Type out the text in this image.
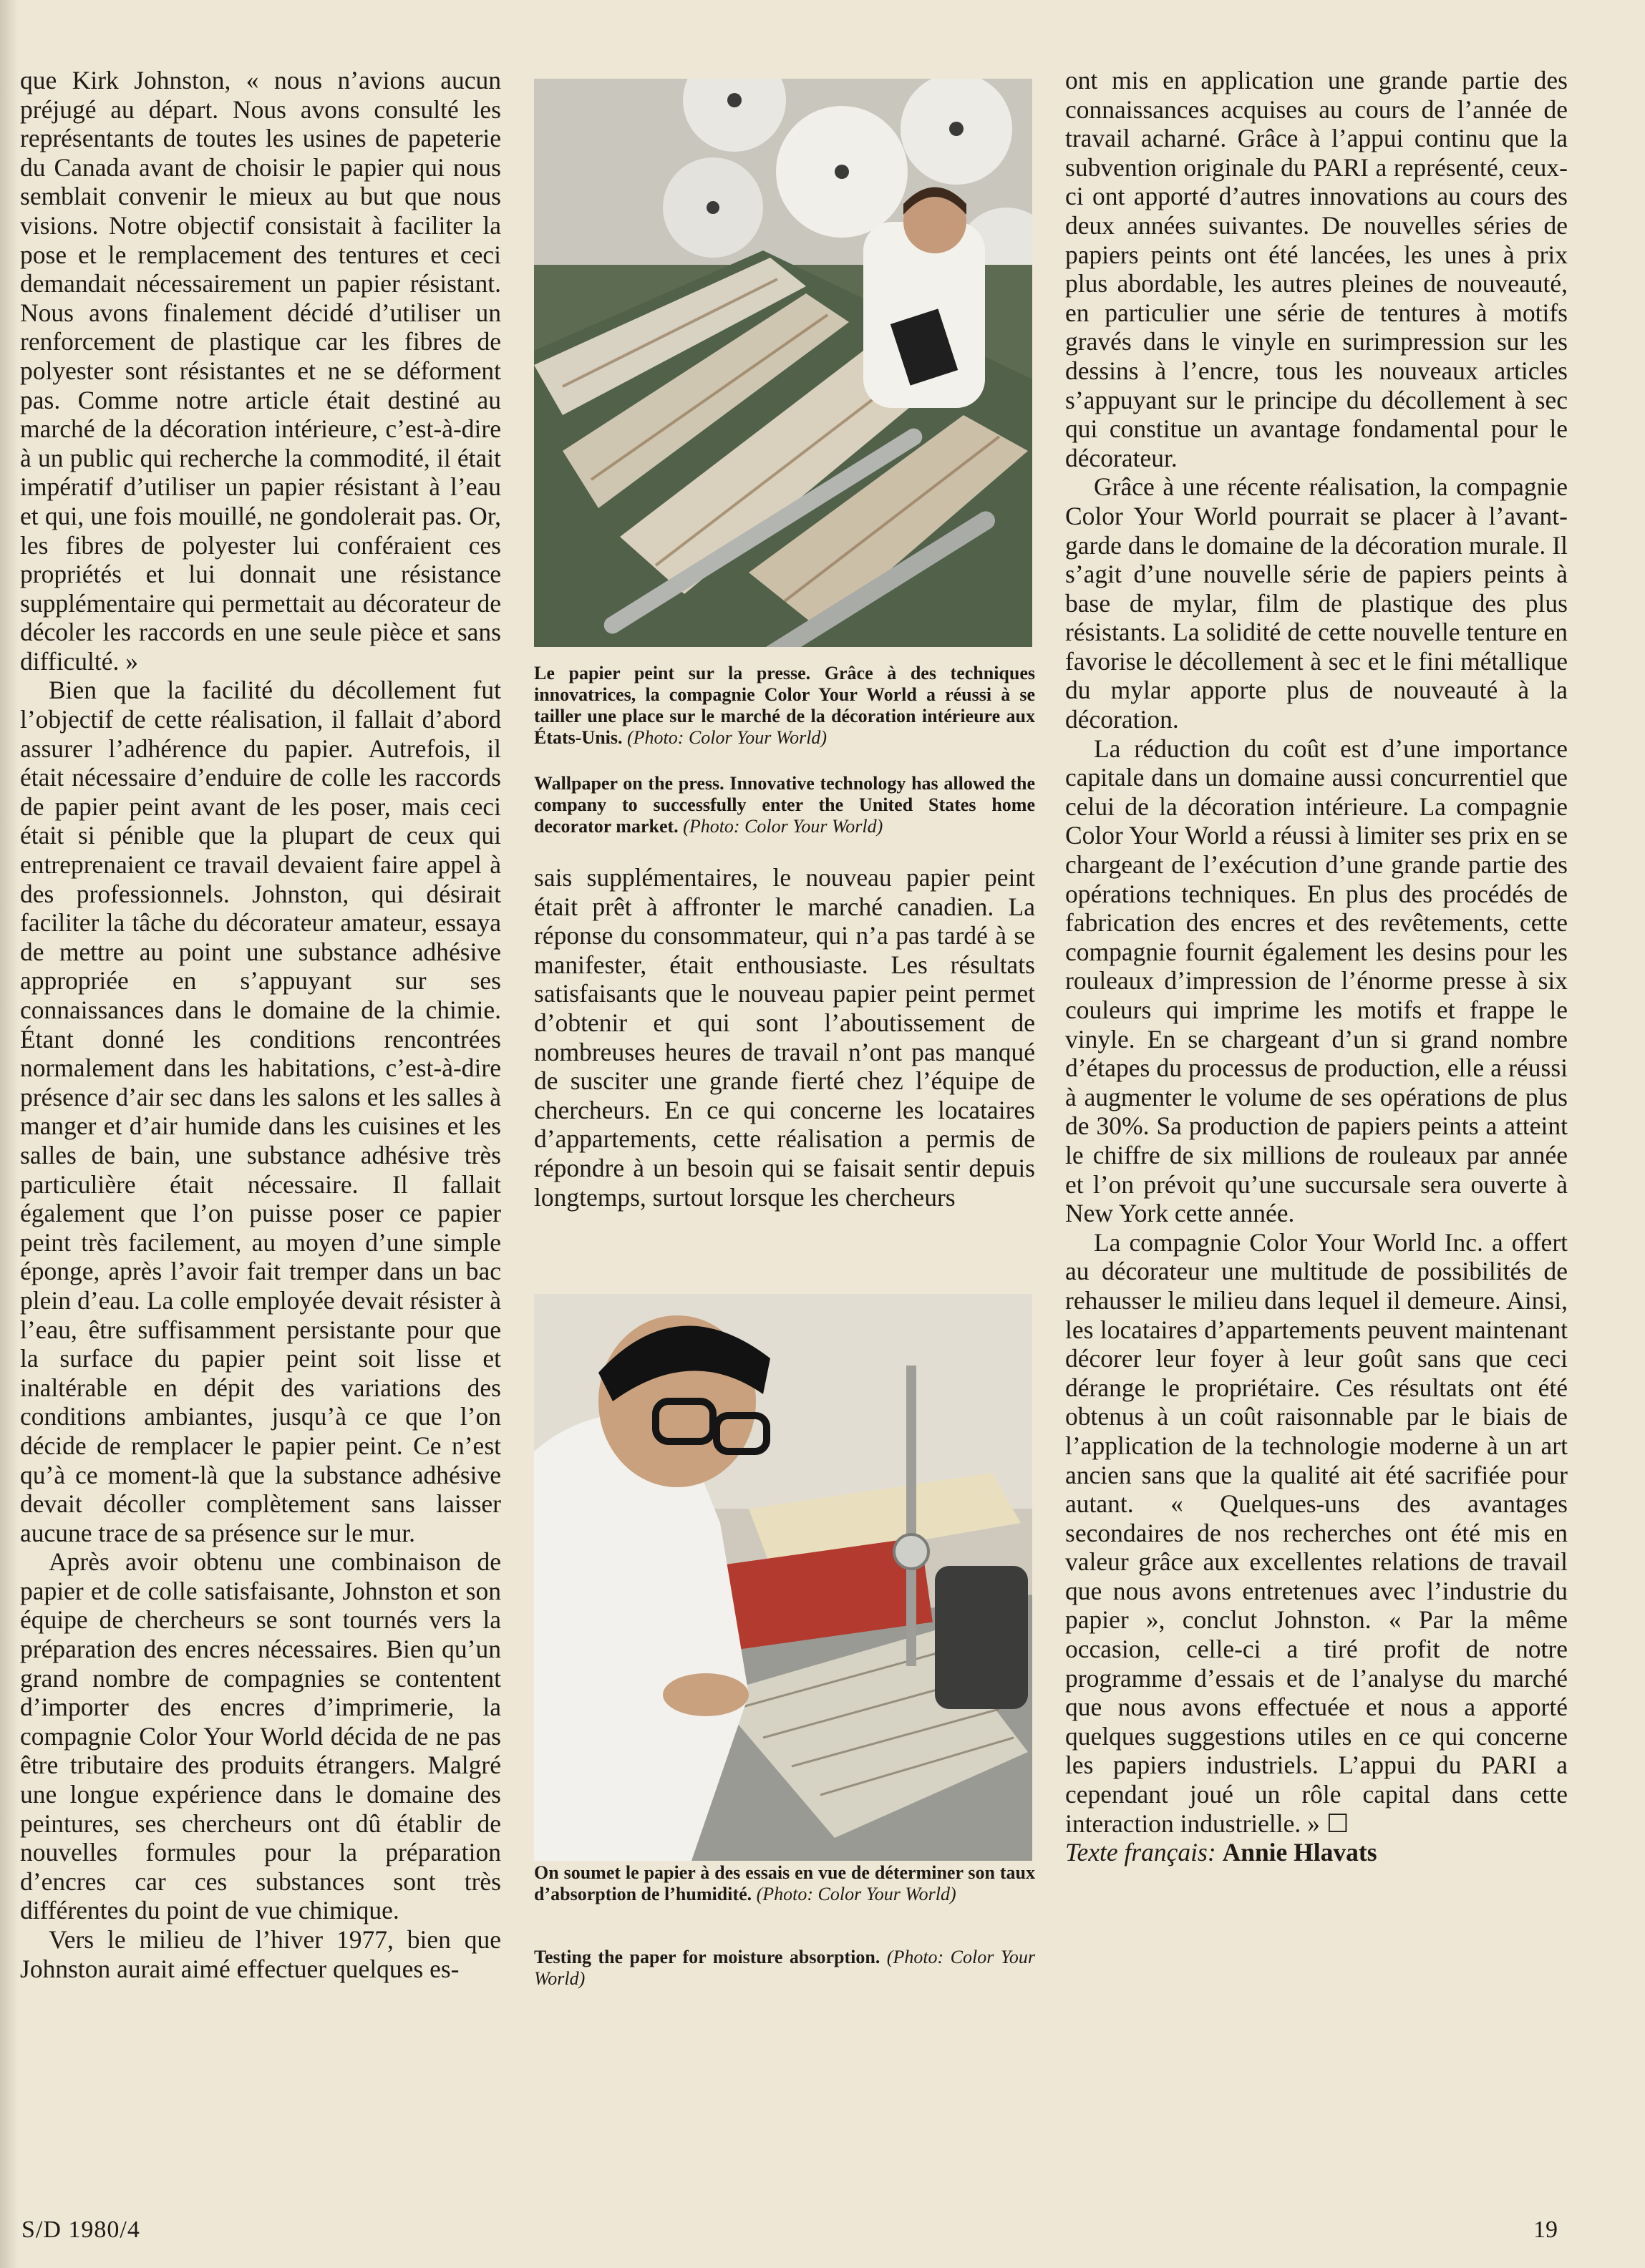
que Kirk Johnston, « nous n’avions aucun préjugé au départ. Nous avons consulté les représentants de toutes les usines de papeterie du Canada avant de choisir le papier qui nous semblait convenir le mieux au but que nous visions. Notre objectif consistait à faciliter la pose et le remplacement des tentures et ceci demandait nécessairement un papier résistant. Nous avons finalement décidé d’utiliser un renforcement de plastique car les fibres de polyester sont résistantes et ne se déforment pas. Comme notre article était destiné au marché de la décoration intérieure, c’est-à-dire à un public qui recherche la commodité, il était impératif d’utiliser un papier résistant à l’eau et qui, une fois mouillé, ne gondolerait pas. Or, les fibres de polyester lui conféraient ces propriétés et lui donnait une résistance supplémentaire qui permettait au décorateur de décoler les raccords en une seule pièce et sans difficulté. »

Bien que la facilité du décollement fut l’objectif de cette réalisation, il fallait d’abord assurer l’adhérence du papier. Autrefois, il était nécessaire d’enduire de colle les raccords de papier peint avant de les poser, mais ceci était si pénible que la plupart de ceux qui entreprenaient ce travail devaient faire appel à des professionnels. Johnston, qui désirait faciliter la tâche du décorateur amateur, essaya de mettre au point une substance adhésive appropriée en s’appuyant sur ses connaissances dans le domaine de la chimie. Étant donné les conditions rencontrées normalement dans les habitations, c’est-à-dire présence d’air sec dans les salons et les salles à manger et d’air humide dans les cuisines et les salles de bain, une substance adhésive très particulière était nécessaire. Il fallait également que l’on puisse poser ce papier peint très facilement, au moyen d’une simple éponge, après l’avoir fait tremper dans un bac plein d’eau. La colle employée devait résister à l’eau, être suffisamment persistante pour que la surface du papier peint soit lisse et inaltérable en dépit des variations des conditions ambiantes, jusqu’à ce que l’on décide de remplacer le papier peint. Ce n’est qu’à ce moment-là que la substance adhésive devait décoller complètement sans laisser aucune trace de sa présence sur le mur.

Après avoir obtenu une combinaison de papier et de colle satisfaisante, Johnston et son équipe de chercheurs se sont tournés vers la préparation des encres nécessaires. Bien qu’un grand nombre de compagnies se contentent d’importer des encres d’imprimerie, la compagnie Color Your World décida de ne pas être tributaire des produits étrangers. Malgré une longue expérience dans le domaine des peintures, ses chercheurs ont dû établir de nouvelles formules pour la préparation d’encres car ces substances sont très différentes du point de vue chimique.

Vers le milieu de l’hiver 1977, bien que Johnston aurait aimé effectuer quelques es-

Le papier peint sur la presse. Grâce à des techniques innovatrices, la compagnie Color Your World a réussi à se tailler une place sur le marché de la décoration intérieure aux États-Unis. (Photo: Color Your World)
Wallpaper on the press. Innovative technology has allowed the company to successfully enter the United States home decorator market. (Photo: Color Your World)

sais supplémentaires, le nouveau papier peint était prêt à affronter le marché canadien. La réponse du consommateur, qui n’a pas tardé à se manifester, était enthousiaste. Les résultats satisfaisants que le nouveau papier peint permet d’obtenir et qui sont l’aboutissement de nombreuses heures de travail n’ont pas manqué de susciter une grande fierté chez l’équipe de chercheurs. En ce qui concerne les locataires d’appartements, cette réalisation a permis de répondre à un besoin qui se faisait sentir depuis longtemps, surtout lorsque les chercheurs

On soumet le papier à des essais en vue de déterminer son taux d’absorption de l’humidité. (Photo: Color Your World)
Testing the paper for moisture absorption. (Photo: Color Your World)

ont mis en application une grande partie des connaissances acquises au cours de l’année de travail acharné. Grâce à l’appui continu que la subvention originale du PARI a représenté, ceux-ci ont apporté d’autres innovations au cours des deux années suivantes. De nouvelles séries de papiers peints ont été lancées, les unes à prix plus abordable, les autres pleines de nouveauté, en particulier une série de tentures à motifs gravés dans le vinyle en surimpression sur les dessins à l’encre, tous les nouveaux articles s’appuyant sur le principe du décollement à sec qui constitue un avantage fondamental pour le décorateur.

Grâce à une récente réalisation, la compagnie Color Your World pourrait se placer à l’avant-garde dans le domaine de la décoration murale. Il s’agit d’une nouvelle série de papiers peints à base de mylar, film de plastique des plus résistants. La solidité de cette nouvelle tenture en favorise le décollement à sec et le fini métallique du mylar apporte plus de nouveauté à la décoration.

La réduction du coût est d’une importance capitale dans un domaine aussi concurrentiel que celui de la décoration intérieure. La compagnie Color Your World a réussi à limiter ses prix en se chargeant de l’exécution d’une grande partie des opérations techniques. En plus des procédés de fabrication des encres et des revêtements, cette compagnie fournit également les desins pour les rouleaux d’impression de l’énorme presse à six couleurs qui imprime les motifs et frappe le vinyle. En se chargeant d’un si grand nombre d’étapes du processus de production, elle a réussi à augmenter le volume de ses opérations de plus de 30%. Sa production de papiers peints a atteint le chiffre de six millions de rouleaux par année et l’on prévoit qu’une succursale sera ouverte à New York cette année.

La compagnie Color Your World Inc. a offert au décorateur une multitude de possibilités de rehausser le milieu dans lequel il demeure. Ainsi, les locataires d’appartements peuvent maintenant décorer leur foyer à leur goût sans que ceci dérange le propriétaire. Ces résultats ont été obtenus à un coût raisonnable par le biais de l’application de la technologie moderne à un art ancien sans que la qualité ait été sacrifiée pour autant. « Quelques-uns des avantages secondaires de nos recherches ont été mis en valeur grâce aux excellentes relations de travail que nous avons entretenues avec l’industrie du papier », conclut Johnston. « Par la même occasion, celle-ci a tiré profit de notre programme d’essais et de l’analyse du marché que nous avons effectuée et nous a apporté quelques suggestions utiles en ce qui concerne les papiers industriels. L’appui du PARI a cependant joué un rôle capital dans cette interaction industrielle. » ☐

Texte français: Annie Hlavats

S/D 1980/4	19
